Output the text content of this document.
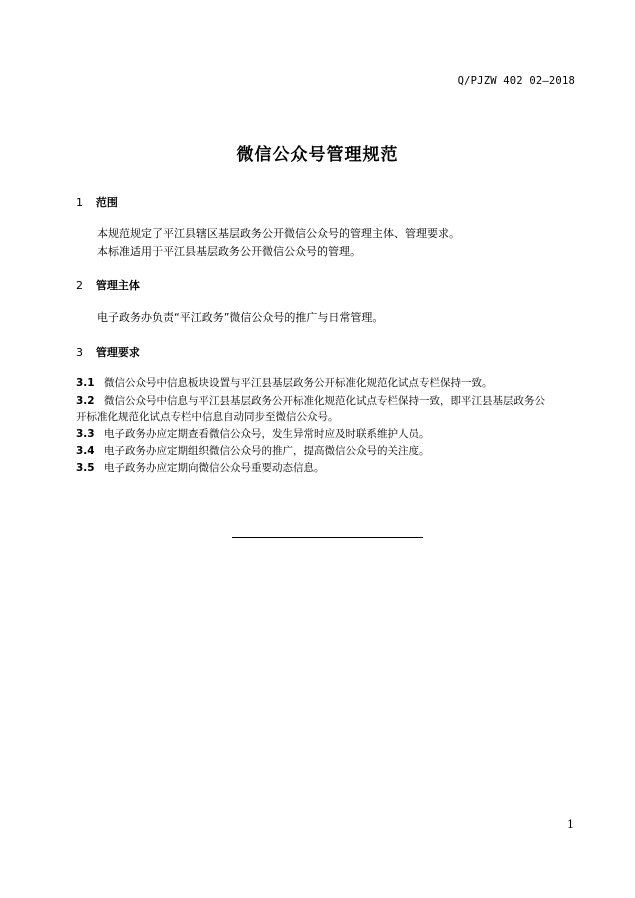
Q/PJZW 402 02—2018
微信公众号管理规范
1 范围
本规范规定了平江县辖区基层政务公开微信公众号的管理主体、管理要求。
本标准适用于平江县基层政务公开微信公众号的管理。
2 管理主体
电子政务办负责“平江政务”微信公众号的推广与日常管理。
3 管理要求
3.1 微信公众号中信息板块设置与平江县基层政务公开标准化规范化试点专栏保持一致。
3.2 微信公众号中信息与平江县基层政务公开标准化规范化试点专栏保持一致，即平江县基层政务公
开标准化规范化试点专栏中信息自动同步至微信公众号。
3.3 电子政务办应定期查看微信公众号，发生异常时应及时联系维护人员。
3.4 电子政务办应定期组织微信公众号的推广，提高微信公众号的关注度。
3.5 电子政务办应定期向微信公众号重要动态信息。
1
